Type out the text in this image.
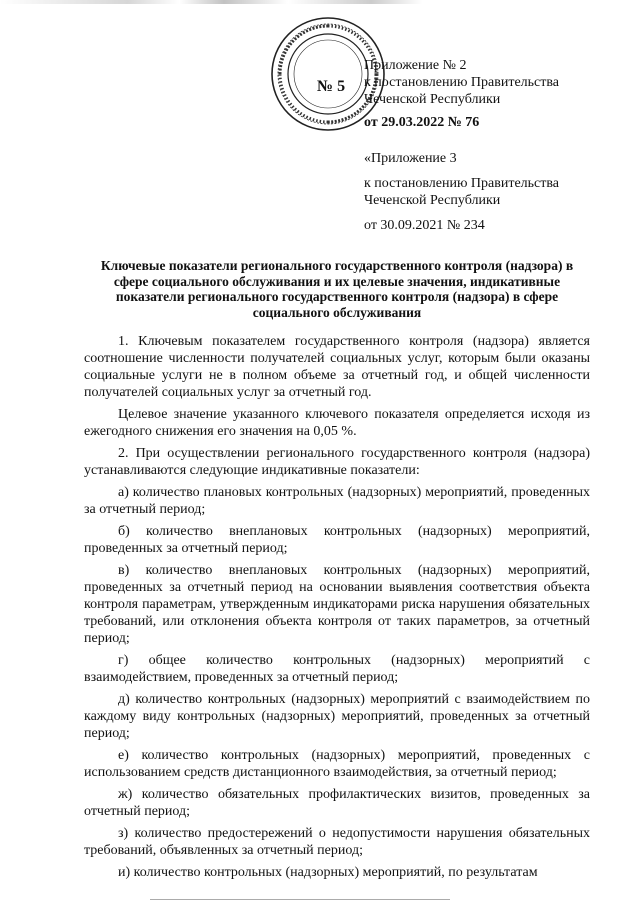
№ 5
Приложение № 2
к постановлению Правительства
Чеченской Республики
от 29.03.2022 № 76
«Приложение 3
к постановлению Правительства
Чеченской Республики
от 30.09.2021 № 234
Ключевые показатели регионального государственного контроля (надзора) в сфере социального обслуживания и их целевые значения, индикативные показатели регионального государственного контроля (надзора) в сфере социального обслуживания

1. Ключевым показателем государственного контроля (надзора) является соотношение численности получателей социальных услуг, которым были оказаны социальные услуги не в полном объеме за отчетный год, и общей численности получателей социальных услуг за отчетный год.

Целевое значение указанного ключевого показателя определяется исходя из ежегодного снижения его значения на 0,05 %.

2. При осуществлении регионального государственного контроля (надзора) устанавливаются следующие индикативные показатели:

а) количество плановых контрольных (надзорных) мероприятий, проведенных за отчетный период;

б) количество внеплановых контрольных (надзорных) мероприятий, проведенных за отчетный период;

в) количество внеплановых контрольных (надзорных) мероприятий, проведенных за отчетный период на основании выявления соответствия объекта контроля параметрам, утвержденным индикаторами риска нарушения обязательных требований, или отклонения объекта контроля от таких параметров, за отчетный период;

г) общее количество контрольных (надзорных) мероприятий с взаимодействием, проведенных за отчетный период;

д) количество контрольных (надзорных) мероприятий с взаимодействием по каждому виду контрольных (надзорных) мероприятий, проведенных за отчетный период;

е) количество контрольных (надзорных) мероприятий, проведенных с использованием средств дистанционного взаимодействия, за отчетный период;

ж) количество обязательных профилактических визитов, проведенных за отчетный период;

з) количество предостережений о недопустимости нарушения обязательных требований, объявленных за отчетный период;

и) количество контрольных (надзорных) мероприятий, по результатам
